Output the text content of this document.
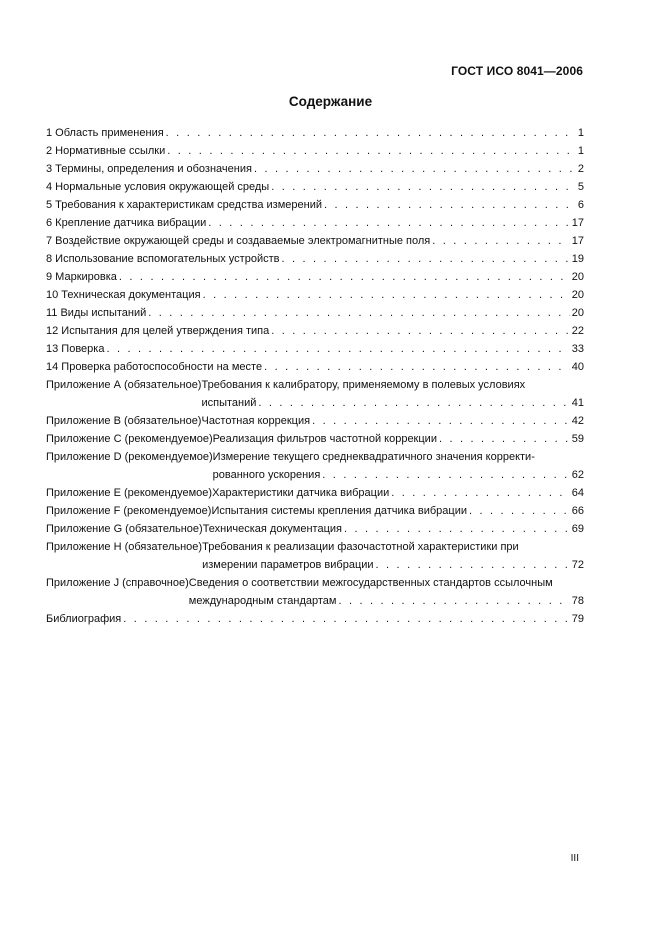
ГОСТ ИСО 8041—2006
Содержание
1 Область применения . . .	1
2 Нормативные ссылки . . .	1
3 Термины, определения и обозначения . . .	2
4 Нормальные условия окружающей среды . . .	5
5 Требования к характеристикам средства измерений . . .	6
6 Крепление датчика вибрации . . .	17
7 Воздействие окружающей среды и создаваемые электромагнитные поля . . .	17
8 Использование вспомогательных устройств . . .	19
9 Маркировка . . .	20
10 Техническая документация . . .	20
11 Виды испытаний . . .	20
12 Испытания для целей утверждения типа . . .	22
13 Поверка . . .	33
14 Проверка работоспособности на месте . . .	40
Приложение А (обязательное) Требования к калибратору, применяемому в полевых условиях
испытаний . . .	41
Приложение В (обязательное) Частотная коррекция . . .	42
Приложение С (рекомендуемое) Реализация фильтров частотной коррекции . . .	59
Приложение D (рекомендуемое) Измерение текущего среднеквадратичного значения корректи-
рованного ускорения . . .	62
Приложение Е (рекомендуемое) Характеристики датчика вибрации . . .	64
Приложение F (рекомендуемое) Испытания системы крепления датчика вибрации . . .	66
Приложение G (обязательное) Техническая документация . . .	69
Приложение Н (обязательное) Требования к реализации фазочастотной характеристики при
измерении параметров вибрации . . .	72
Приложение J (справочное) Сведения о соответствии межгосударственных стандартов ссылочным
международным стандартам . . .	78
Библиография . . .	79
III
